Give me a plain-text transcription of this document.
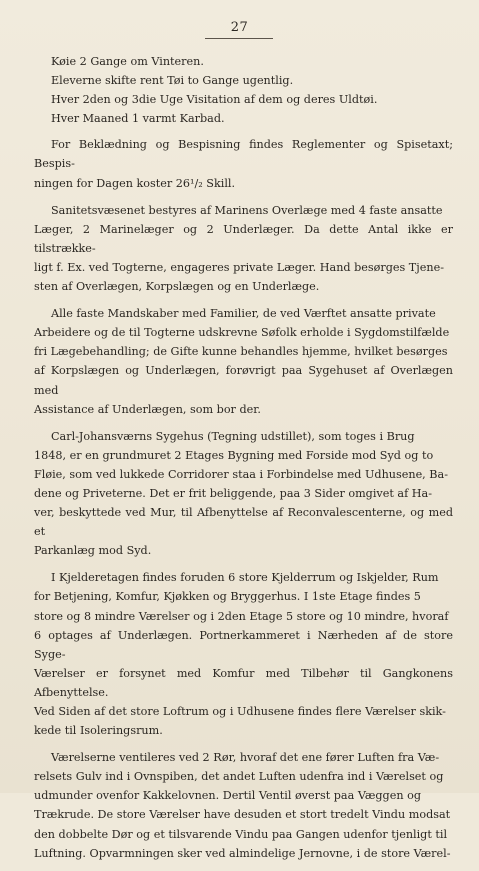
27
Køie 2 Gange om Vinteren.
Eleverne skifte rent Tøi to Gange ugentlig.
Hver 2den og 3die Uge Visitation af dem og deres Uldtøi.
Hver Maaned 1 varmt Karbad.
For Beklædning og Bespisning findes Reglementer og Spisetaxt; Bespis-
ningen for Dagen koster 26¹/₂ Skill.
Sanitetsvæsenet bestyres af Marinens Overlæge med 4 faste ansatte
Læger, 2 Marinelæger og 2 Underlæger. Da dette Antal ikke er tilstrække-
ligt f. Ex. ved Togterne, engageres private Læger. Hand besørges Tjene-
sten af Overlægen, Korpslægen og en Underlæge.
Alle faste Mandskaber med Familier, de ved Værftet ansatte private
Arbeidere og de til Togterne udskrevne Søfolk erholde i Sygdomstilfælde
fri Lægebehandling; de Gifte kunne behandles hjemme, hvilket besørges
af Korpslægen og Underlægen, forøvrigt paa Sygehuset af Overlægen med
Assistance af Underlægen, som bor der.
Carl-Johansværns Sygehus (Tegning udstillet), som toges i Brug
1848, er en grundmuret 2 Etages Bygning med Forside mod Syd og to
Fløie, som ved lukkede Corridorer staa i Forbindelse med Udhusene, Ba-
dene og Priveterne. Det er frit beliggende, paa 3 Sider omgivet af Ha-
ver, beskyttede ved Mur, til Afbenyttelse af Reconvalescenterne, og med et
Parkanlæg mod Syd.
I Kjelderetagen findes foruden 6 store Kjelderrum og Iskjelder, Rum
for Betjening, Komfur, Kjøkken og Bryggerhus. I 1ste Etage findes 5
store og 8 mindre Værelser og i 2den Etage 5 store og 10 mindre, hvoraf
6 optages af Underlægen. Portnerkammeret i Nærheden af de store Syge-
Værelser er forsynet med Komfur med Tilbehør til Gangkonens Afbenyttelse.
Ved Siden af det store Loftrum og i Udhusene findes flere Værelser skik-
kede til Isoleringsrum.
Værelserne ventileres ved 2 Rør, hvoraf det ene fører Luften fra Væ-
relsets Gulv ind i Ovnspiben, det andet Luften udenfra ind i Værelset og
udmunder ovenfor Kakkelovnen. Dertil Ventil øverst paa Væggen og
Trækrude. De store Værelser have desuden et stort tredelt Vindu modsat
den dobbelte Dør og et tilsvarende Vindu paa Gangen udenfor tjenligt til
Luftning. Opvarmningen sker ved almindelige Jernovne, i de store Værel-
